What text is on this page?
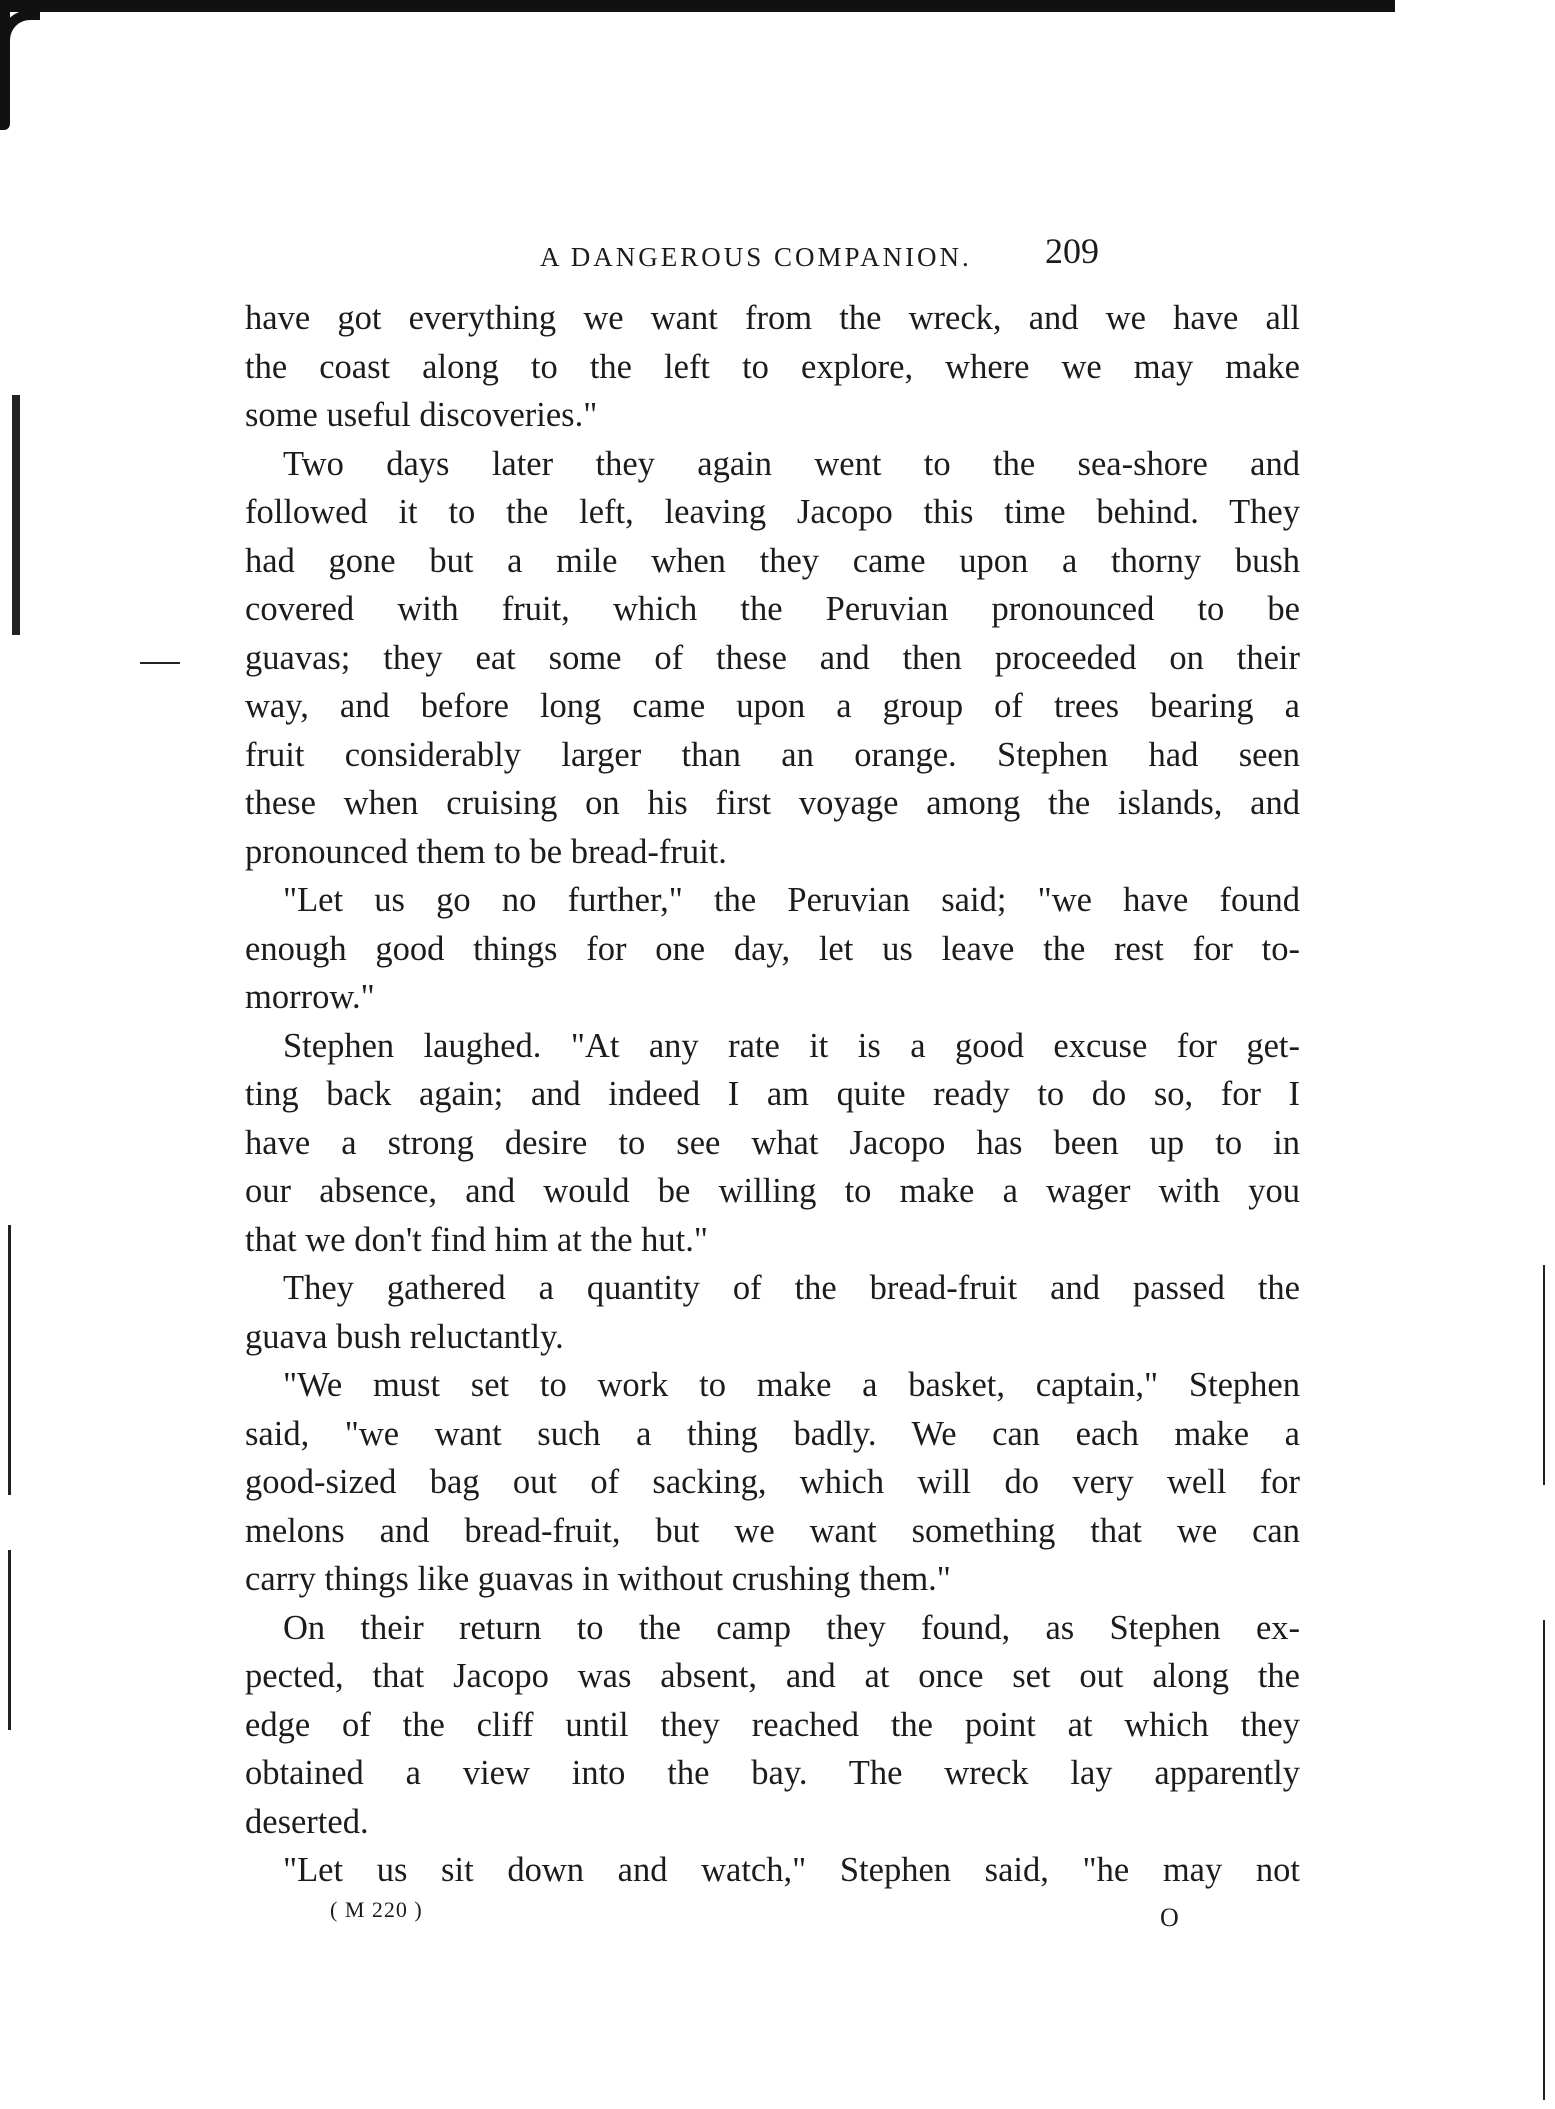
A DANGEROUS COMPANION. 209
have got everything we want from the wreck, and we have all
the coast along to the left to explore, where we may make
some useful discoveries."
Two days later they again went to the sea-shore and
followed it to the left, leaving Jacopo this time behind. They
had gone but a mile when they came upon a thorny bush
covered with fruit, which the Peruvian pronounced to be
guavas; they eat some of these and then proceeded on their
way, and before long came upon a group of trees bearing a
fruit considerably larger than an orange. Stephen had seen
these when cruising on his first voyage among the islands, and
pronounced them to be bread-fruit.
"Let us go no further," the Peruvian said; "we have found
enough good things for one day, let us leave the rest for to-
morrow."
Stephen laughed. "At any rate it is a good excuse for get-
ting back again; and indeed I am quite ready to do so, for I
have a strong desire to see what Jacopo has been up to in
our absence, and would be willing to make a wager with you
that we don't find him at the hut."
They gathered a quantity of the bread-fruit and passed the
guava bush reluctantly.
"We must set to work to make a basket, captain," Stephen
said, "we want such a thing badly. We can each make a
good-sized bag out of sacking, which will do very well for
melons and bread-fruit, but we want something that we can
carry things like guavas in without crushing them."
On their return to the camp they found, as Stephen ex-
pected, that Jacopo was absent, and at once set out along the
edge of the cliff until they reached the point at which they
obtained a view into the bay. The wreck lay apparently
deserted.
"Let us sit down and watch," Stephen said, "he may not
( M 220 )	O
